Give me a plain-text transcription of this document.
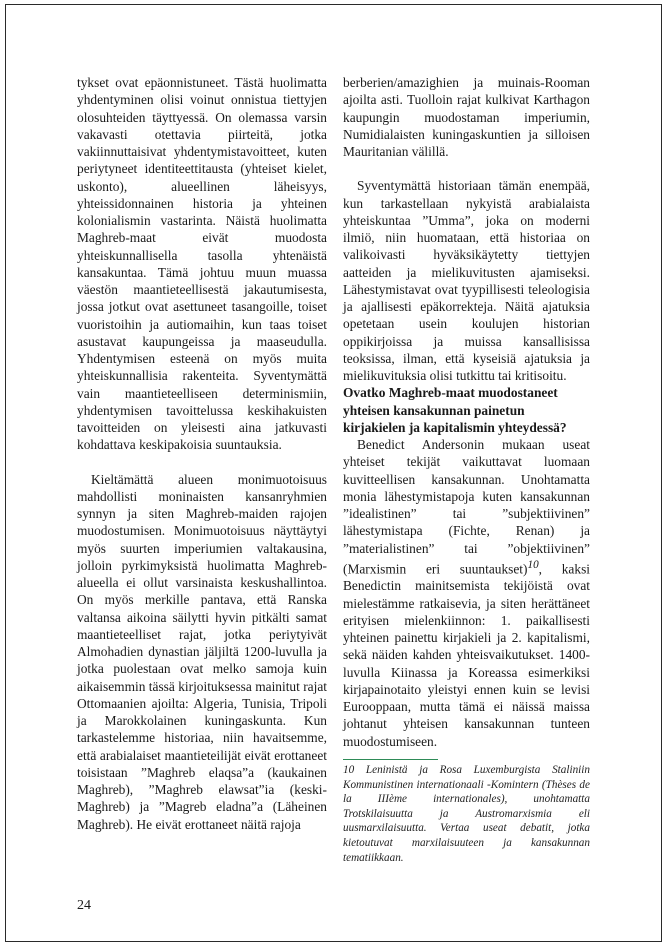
tykset ovat epäonnistuneet. Tästä huolimatta yhdentyminen olisi voinut onnistua tiettyjen olosuhteiden täyttyessä. On olemassa varsin vakavasti otettavia piirteitä, jotka vakiinnuttaisivat yhdentymistavoitteet, kuten periytyneet identiteettitausta (yhteiset kielet, uskonto), alueellinen läheisyys, yhteissidonnainen historia ja yhteinen kolonialismin vastarinta. Näistä huolimatta Maghreb-maat eivät muodosta yhteiskunnallisella tasolla yhtenäistä kansakuntaa. Tämä johtuu muun muassa väestön maantieteellisestä jakautumisesta, jossa jotkut ovat asettuneet tasangoille, toiset vuoristoihin ja autiomaihin, kun taas toiset asustavat kaupungeissa ja maaseudulla. Yhdentymisen esteenä on myös muita yhteiskunnallisia rakenteita. Syventymättä vain maantieteelliseen determinismiin, yhdentymisen tavoittelussa keskihakuisten tavoitteiden on yleisesti aina jatkuvasti kohdattava keskipakoisia suuntauksia.

Kieltämättä alueen monimuotoisuus mahdollisti moninaisten kansanryhmien synnyn ja siten Maghreb-maiden rajojen muodostumisen. Monimuotoisuus näyttäytyi myös suurten imperiumien valtakausina, jolloin pyrkimyksistä huolimatta Maghreb-alueella ei ollut varsinaista keskushallintoa. On myös merkille pantava, että Ranska valtansa aikoina säilytti hyvin pitkälti samat maantieteelliset rajat, jotka periytyivät Almohadien dynastian jäljiltä 1200-luvulla ja jotka puolestaan ovat melko samoja kuin aikaisemmin tässä kirjoituksessa mainitut rajat Ottomaanien ajoilta: Algeria, Tunisia, Tripoli ja Marokkolainen kuningaskunta. Kun tarkastelemme historiaa, niin havaitsemme, että arabialaiset maantieteilijät eivät erottaneet toisistaan ”Maghreb elaqsa”a (kaukainen Maghreb), ”Maghreb elawsat”ia (keski-Maghreb) ja ”Magreb eladna”a (Läheinen Maghreb). He eivät erottaneet näitä rajoja

berberien/amazighien ja muinais-Rooman ajoilta asti. Tuolloin rajat kulkivat Karthagon kaupungin muodostaman imperiumin, Numidialaisten kuningaskuntien ja silloisen Mauritanian välillä.

Syventymättä historiaan tämän enempää, kun tarkastellaan nykyistä arabialaista yhteiskuntaa ”Umma”, joka on moderni ilmiö, niin huomataan, että historiaa on valikoivasti hyväksikäytetty tiettyjen aatteiden ja mielikuvitusten ajamiseksi. Lähestymistavat ovat tyypillisesti teleologisia ja ajallisesti epäkorrekteja. Näitä ajatuksia opetetaan usein koulujen historian oppikirjoissa ja muissa kansallisissa teoksissa, ilman, että kyseisiä ajatuksia ja mielikuvituksia olisi tutkittu tai kritisoitu.

Ovatko Maghreb-maat muodostaneet yhteisen kansakunnan painetun kirjakielen ja kapitalismin yhteydessä?

Benedict Andersonin mukaan useat yhteiset tekijät vaikuttavat luomaan kuvitteellisen kansakunnan. Unohtamatta monia lähestymistapoja kuten kansakunnan ”idealistinen” tai ”subjektiivinen” lähestymistapa (Fichte, Renan) ja ”materialistinen” tai ”objektiivinen” (Marxismin eri suuntaukset)$^{10}$, kaksi Benedictin mainitsemista tekijöistä ovat mielestämme ratkaisevia, ja siten herättäneet erityisen mielenkiinnon: 1. paikallisesti yhteinen painettu kirjakieli ja 2. kapitalismi, sekä näiden kahden yhteisvaikutukset. 1400-luvulla Kiinassa ja Koreassa esimerkiksi kirjapainotaito yleistyi ennen kuin se levisi Eurooppaan, mutta tämä ei näissä maissa johtanut yhteisen kansakunnan tunteen muodostumiseen.

10 Leninistä ja Rosa Luxemburgista Staliniin Kommunistinen internationaali -Komintern (Thèses de la IIIème internationales), unohtamatta Trotskilaisuutta ja Austromarxismia eli uusmarxilaisuutta. Vertaa useat debatit, jotka kietoutuvat marxilaisuuteen ja kansakunnan tematiikkaan.

24
